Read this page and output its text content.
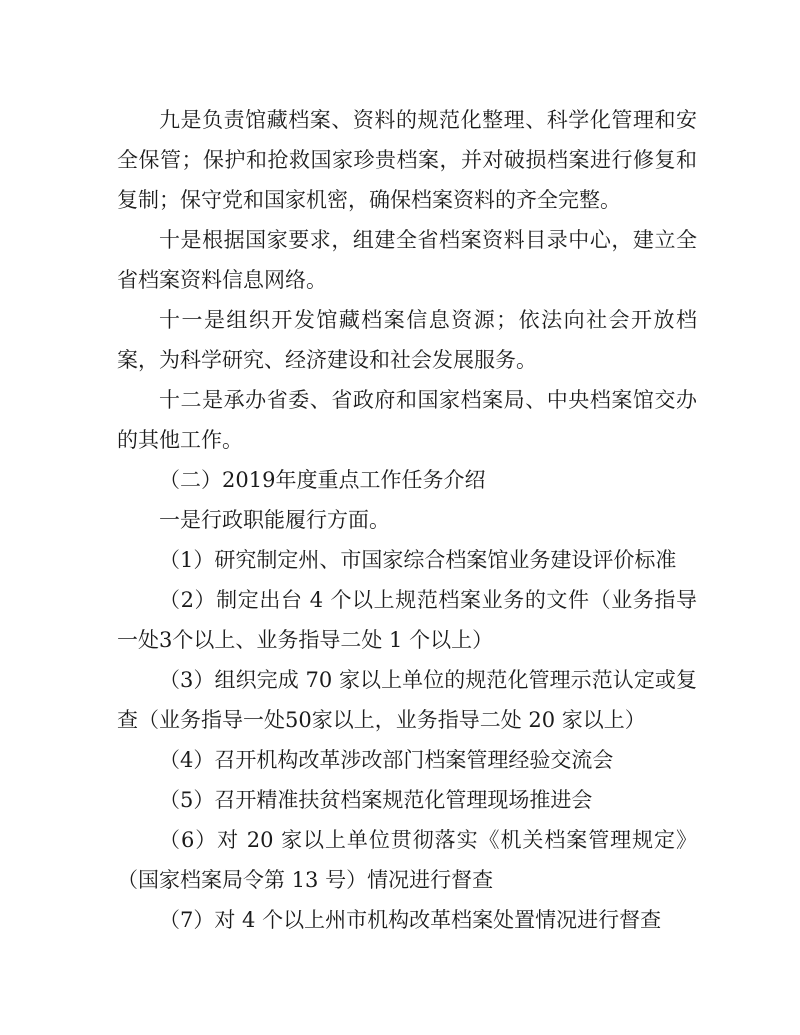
九是负责馆藏档案、资料的规范化整理、科学化管理和安全保管；保护和抢救国家珍贵档案，并对破损档案进行修复和复制；保守党和国家机密，确保档案资料的齐全完整。

十是根据国家要求，组建全省档案资料目录中心，建立全省档案资料信息网络。

十一是组织开发馆藏档案信息资源；依法向社会开放档案，为科学研究、经济建设和社会发展服务。

十二是承办省委、省政府和国家档案局、中央档案馆交办的其他工作。

（二）2019年度重点工作任务介绍

一是行政职能履行方面。

（1）研究制定州、市国家综合档案馆业务建设评价标准

（2）制定出台 4 个以上规范档案业务的文件（业务指导一处3个以上、业务指导二处 1 个以上）

（3）组织完成 70 家以上单位的规范化管理示范认定或复查（业务指导一处50家以上，业务指导二处 20 家以上）

（4）召开机构改革涉改部门档案管理经验交流会

（5）召开精准扶贫档案规范化管理现场推进会

（6）对 20 家以上单位贯彻落实《机关档案管理规定》（国家档案局令第 13 号）情况进行督查

（7）对 4 个以上州市机构改革档案处置情况进行督查
